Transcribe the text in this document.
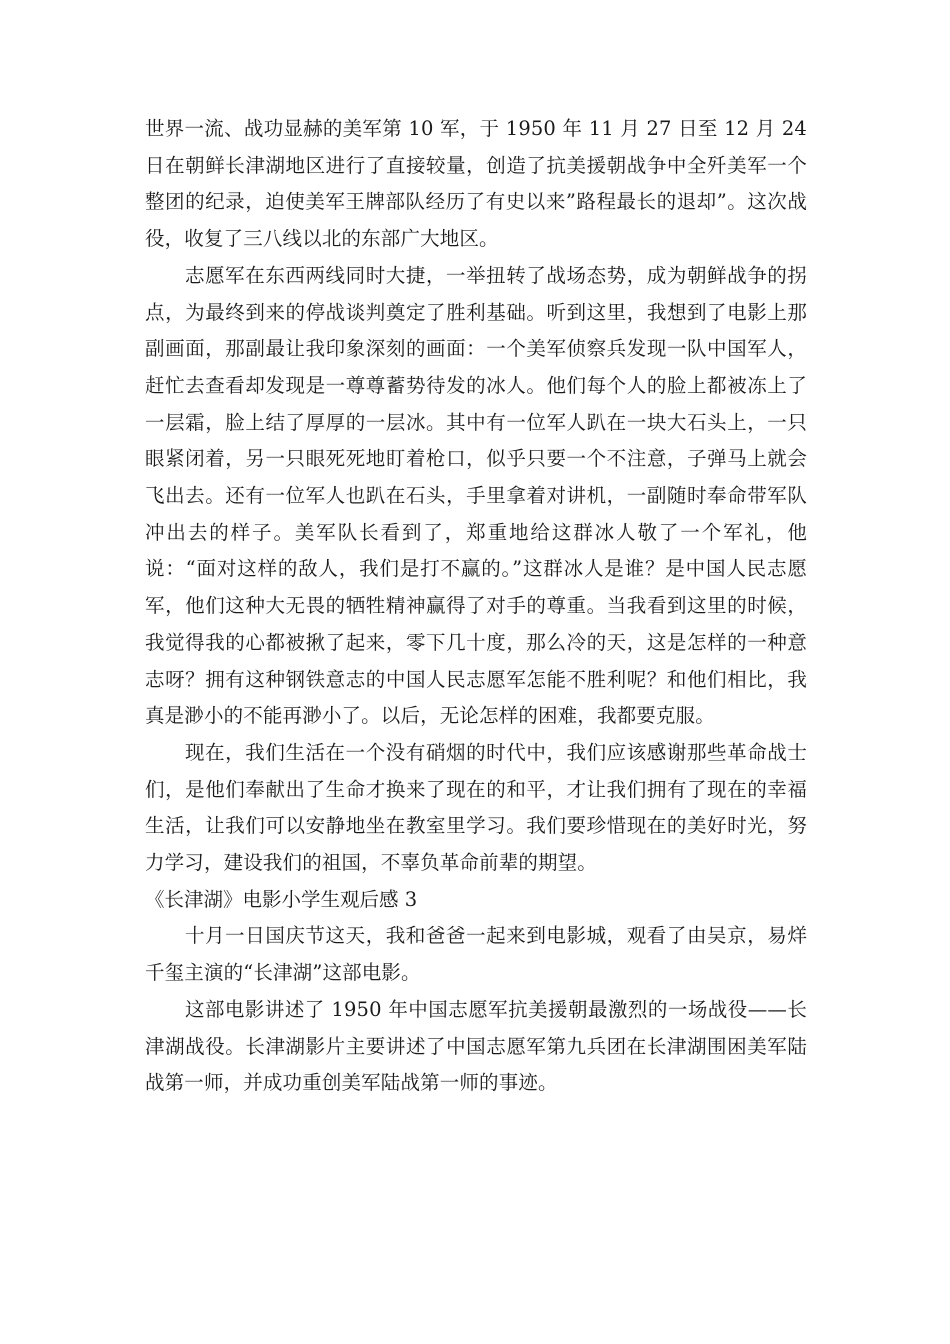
世界一流、战功显赫的美军第 10 军，于 1950 年 11 月 27 日至 12 月 24 日在朝鲜长津湖地区进行了直接较量，创造了抗美援朝战争中全歼美军一个整团的纪录，迫使美军王牌部队经历了有史以来”路程最长的退却”。这次战役，收复了三八线以北的东部广大地区。

志愿军在东西两线同时大捷，一举扭转了战场态势，成为朝鲜战争的拐点，为最终到来的停战谈判奠定了胜利基础。听到这里，我想到了电影上那副画面，那副最让我印象深刻的画面：一个美军侦察兵发现一队中国军人，赶忙去查看却发现是一尊尊蓄势待发的冰人。他们每个人的脸上都被冻上了一层霜，脸上结了厚厚的一层冰。其中有一位军人趴在一块大石头上，一只眼紧闭着，另一只眼死死地盯着枪口，似乎只要一个不注意，子弹马上就会飞出去。还有一位军人也趴在石头，手里拿着对讲机，一副随时奉命带军队冲出去的样子。美军队长看到了，郑重地给这群冰人敬了一个军礼，他说：“面对这样的敌人，我们是打不赢的。”这群冰人是谁？是中国人民志愿军，他们这种大无畏的牺牲精神赢得了对手的尊重。当我看到这里的时候，我觉得我的心都被揪了起来，零下几十度，那么冷的天，这是怎样的一种意志呀？拥有这种钢铁意志的中国人民志愿军怎能不胜利呢？和他们相比，我真是渺小的不能再渺小了。以后，无论怎样的困难，我都要克服。

现在，我们生活在一个没有硝烟的时代中，我们应该感谢那些革命战士们，是他们奉献出了生命才换来了现在的和平，才让我们拥有了现在的幸福生活，让我们可以安静地坐在教室里学习。我们要珍惜现在的美好时光，努力学习，建设我们的祖国，不辜负革命前辈的期望。

《长津湖》电影小学生观后感 3

十月一日国庆节这天，我和爸爸一起来到电影城，观看了由吴京，易烊千玺主演的“长津湖”这部电影。

这部电影讲述了 1950 年中国志愿军抗美援朝最激烈的一场战役——长津湖战役。长津湖影片主要讲述了中国志愿军第九兵团在长津湖围困美军陆战第一师，并成功重创美军陆战第一师的事迹。
